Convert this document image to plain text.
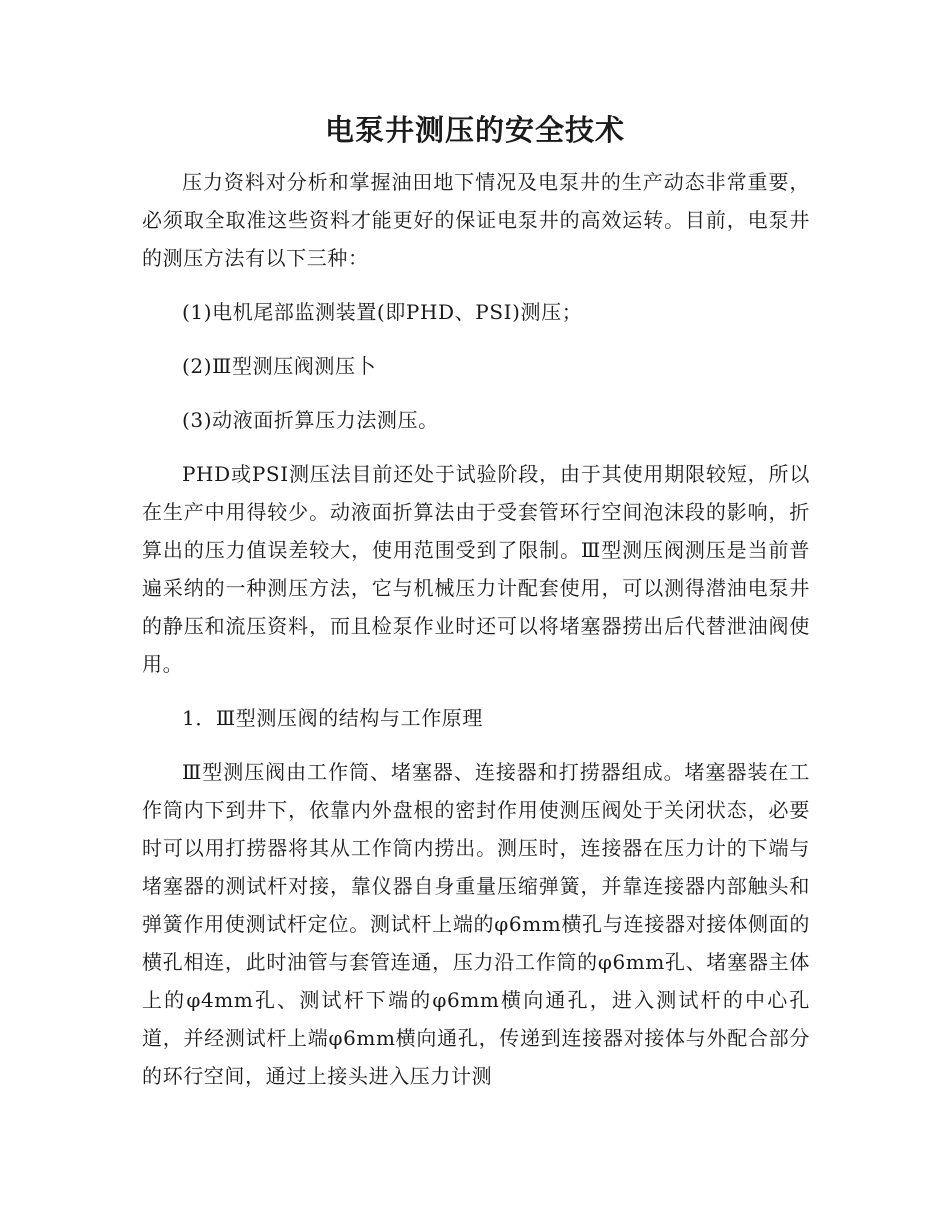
电泵井测压的安全技术

压力资料对分析和掌握油田地下情况及电泵井的生产动态非常重要，必须取全取准这些资料才能更好的保证电泵井的高效运转。目前，电泵井的测压方法有以下三种：

(1)电机尾部监测装置(即PHD、PSI)测压；

(2)Ⅲ型测压阀测压卜

(3)动液面折算压力法测压。

PHD或PSI测压法目前还处于试验阶段，由于其使用期限较短，所以在生产中用得较少。动液面折算法由于受套管环行空间泡沫段的影响，折算出的压力值误差较大，使用范围受到了限制。Ⅲ型测压阀测压是当前普遍采纳的一种测压方法，它与机械压力计配套使用，可以测得潜油电泵井的静压和流压资料，而且检泵作业时还可以将堵塞器捞出后代替泄油阀使用。

1．Ⅲ型测压阀的结构与工作原理

Ⅲ型测压阀由工作筒、堵塞器、连接器和打捞器组成。堵塞器装在工作筒内下到井下，依靠内外盘根的密封作用使测压阀处于关闭状态，必要时可以用打捞器将其从工作筒内捞出。测压时，连接器在压力计的下端与堵塞器的测试杆对接，靠仪器自身重量压缩弹簧，并靠连接器内部触头和弹簧作用使测试杆定位。测试杆上端的φ6mm横孔与连接器对接体侧面的横孔相连，此时油管与套管连通，压力沿工作筒的φ6mm孔、堵塞器主体上的φ4mm孔、测试杆下端的φ6mm横向通孔，进入测试杆的中心孔道，并经测试杆上端φ6mm横向通孔，传递到连接器对接体与外配合部分的环行空间，通过上接头进入压力计测
